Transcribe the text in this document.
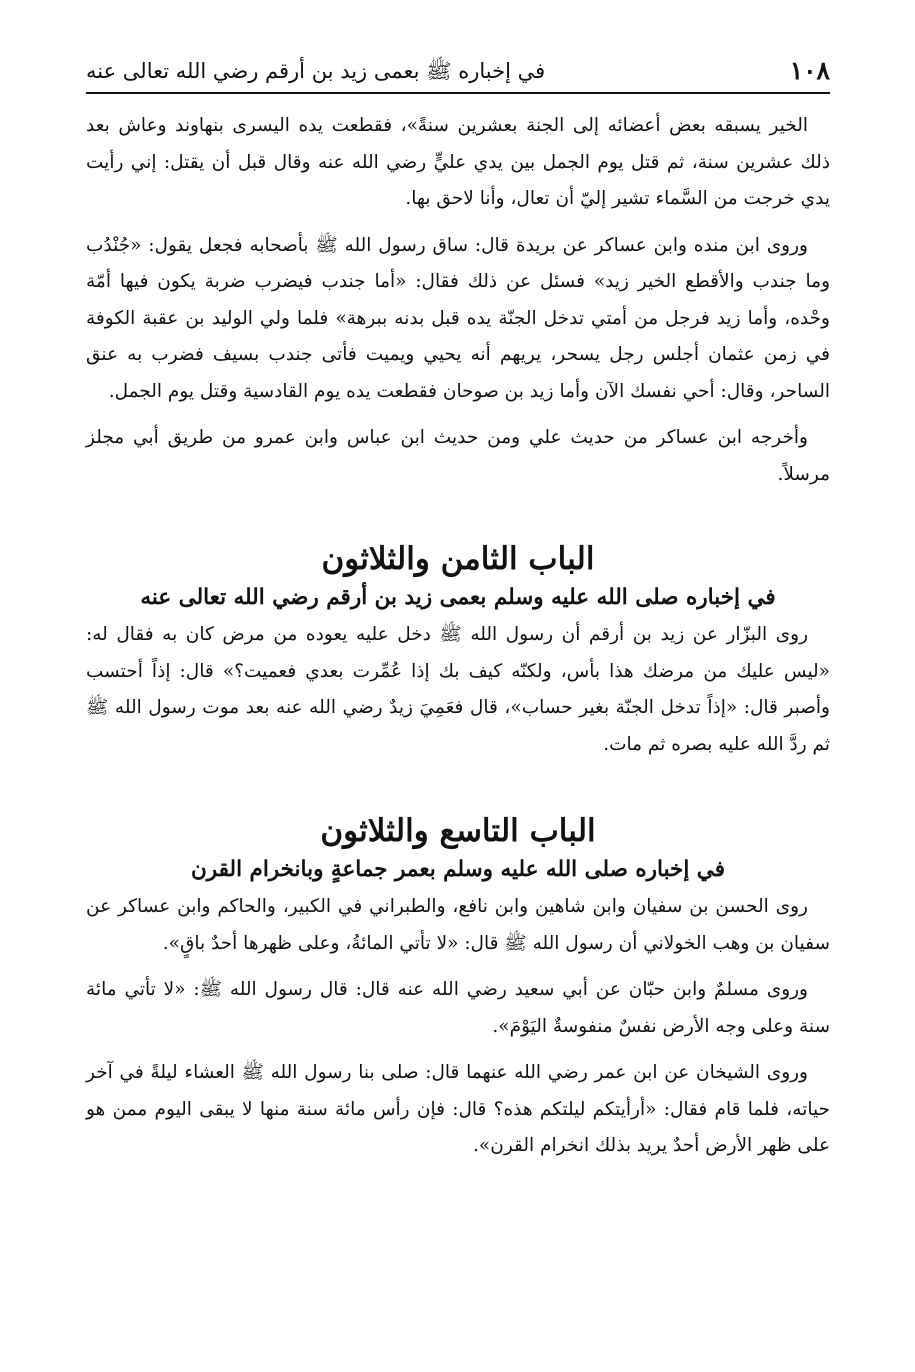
١٠٨
في إخباره ﷺ بعمى زيد بن أرقم رضي الله تعالى عنه

الخير يسبقه بعض أعضائه إلى الجنة بعشرين سنةً»، فقطعت يده اليسرى بنهاوند وعاش بعد ذلك عشرين سنة، ثم قتل يوم الجمل بين يدي عليٍّ رضي الله عنه وقال قبل أن يقتل: إني رأيت يدي خرجت من السَّماء تشير إليّ أن تعال، وأنا لاحق بها.

وروى ابن منده وابن عساكر عن بريدة قال: ساق رسول الله ﷺ بأصحابه فجعل يقول: «جُنْدُب وما جندب والأقطع الخير زيد» فسئل عن ذلك فقال: «أما جندب فيضرب ضربة يكون فيها أمّة وحْده، وأما زيد فرجل من أمتي تدخل الجنّة يده قبل بدنه ببرهة» فلما ولي الوليد بن عقبة الكوفة في زمن عثمان أجلس رجل يسحر، يريهم أنه يحيي ويميت فأتى جندب بسيف فضرب به عنق الساحر، وقال: أحي نفسك الآن وأما زيد بن صوحان فقطعت يده يوم القادسية وقتل يوم الجمل.

وأخرجه ابن عساكر من حديث علي ومن حديث ابن عباس وابن عمرو من طريق أبي مجلز مرسلاً.

الباب الثامن والثلاثون
في إخباره صلى الله عليه وسلم بعمى زيد بن أرقم رضي الله تعالى عنه

روى البزّار عن زيد بن أرقم أن رسول الله ﷺ دخل عليه يعوده من مرض كان به فقال له: «ليس عليك من مرضك هذا بأس، ولكنّه كيف بك إذا عُمِّرت بعدي فعميت؟» قال: إذاً أحتسب وأصبر قال: «إذاً تدخل الجنّة بغير حساب»، قال فعَمِيَ زيدٌ رضي الله عنه بعد موت رسول الله ﷺ ثم ردَّ الله عليه بصره ثم مات.

الباب التاسع والثلاثون
في إخباره صلى الله عليه وسلم بعمر جماعةٍ وبانخرام القرن

روى الحسن بن سفيان وابن شاهين وابن نافع، والطبراني في الكبير، والحاكم وابن عساكر عن سفيان بن وهب الخولاني أن رسول الله ﷺ قال: «لا تأتي المائةُ، وعلى ظهرها أحدٌ باقٍ».

وروى مسلمٌ وابن حبّان عن أبي سعيد رضي الله عنه قال: قال رسول الله ﷺ: «لا تأتي مائة سنة وعلى وجه الأرض نفسٌ منفوسةٌ اليَوْمَ».

وروى الشيخان عن ابن عمر رضي الله عنهما قال: صلى بنا رسول الله ﷺ العشاء ليلةً في آخر حياته، فلما قام فقال: «أرأيتكم ليلتكم هذه؟ قال: فإن رأس مائة سنة منها لا يبقى اليوم ممن هو على ظهر الأرض أحدٌ يريد بذلك انخرام القرن».
